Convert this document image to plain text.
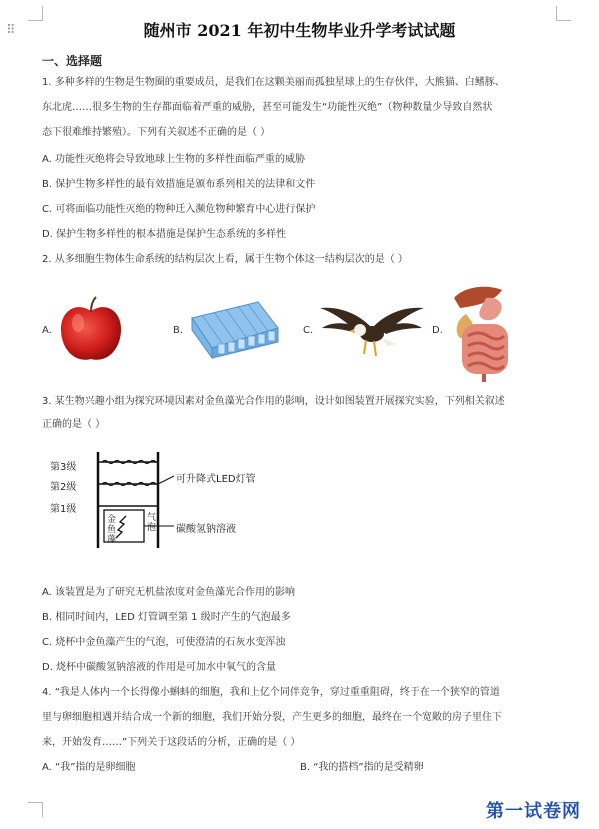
⠿	随州市 2021 年初中生物毕业升学考试试题
一、选择题
1. 多种多样的生物是生物圈的重要成员，是我们在这颗美丽而孤独星球上的生存伙伴，大熊猫、白鳍豚、
东北虎……很多生物的生存都面临着严重的威胁，甚至可能发生“功能性灭绝”（物种数量少导致自然状
态下很难维持繁殖）。下列有关叙述不正确的是（ ）
A. 功能性灭绝将会导致地球上生物的多样性面临严重的威胁
B. 保护生物多样性的最有效措施是颁布系列相关的法律和文件
C. 可将面临功能性灭绝的物种迁入濒危物种繁育中心进行保护
D. 保护生物多样性的根本措施是保护生态系统的多样性
2. 从多细胞生物体生命系统的结构层次上看，属于生物个体这一结构层次的是（ ）
A.	B.	C.	D.
3. 某生物兴趣小组为探究环境因素对金鱼藻光合作用的影响，设计如图装置开展探究实验，下列相关叙述
正确的是（ ）
第3级
第2级
第1级
可升降式LED灯管
金
鱼
藻
气
泡 碳酸氢钠溶液
A. 该装置是为了研究无机盐浓度对金鱼藻光合作用的影响
B. 相同时间内，LED 灯管调至第 1 级时产生的气泡最多
C. 烧杯中金鱼藻产生的气泡，可使澄清的石灰水变浑浊
D. 烧杯中碳酸氢钠溶液的作用是可加水中氧气的含量
4. “我是人体内一个长得像小蝌蚪的细胞，我和上亿个同伴竞争，穿过重重阻碍，终于在一个狭窄的管道
里与卵细胞相遇并结合成一个新的细胞，我们开始分裂，产生更多的细胞，最终在一个宽敞的房子里住下
来，开始发育……”下列关于这段话的分析，正确的是（ ）
A. “我”指的是卵细胞	B. “我的搭档”指的是受精卵
第一试卷网
